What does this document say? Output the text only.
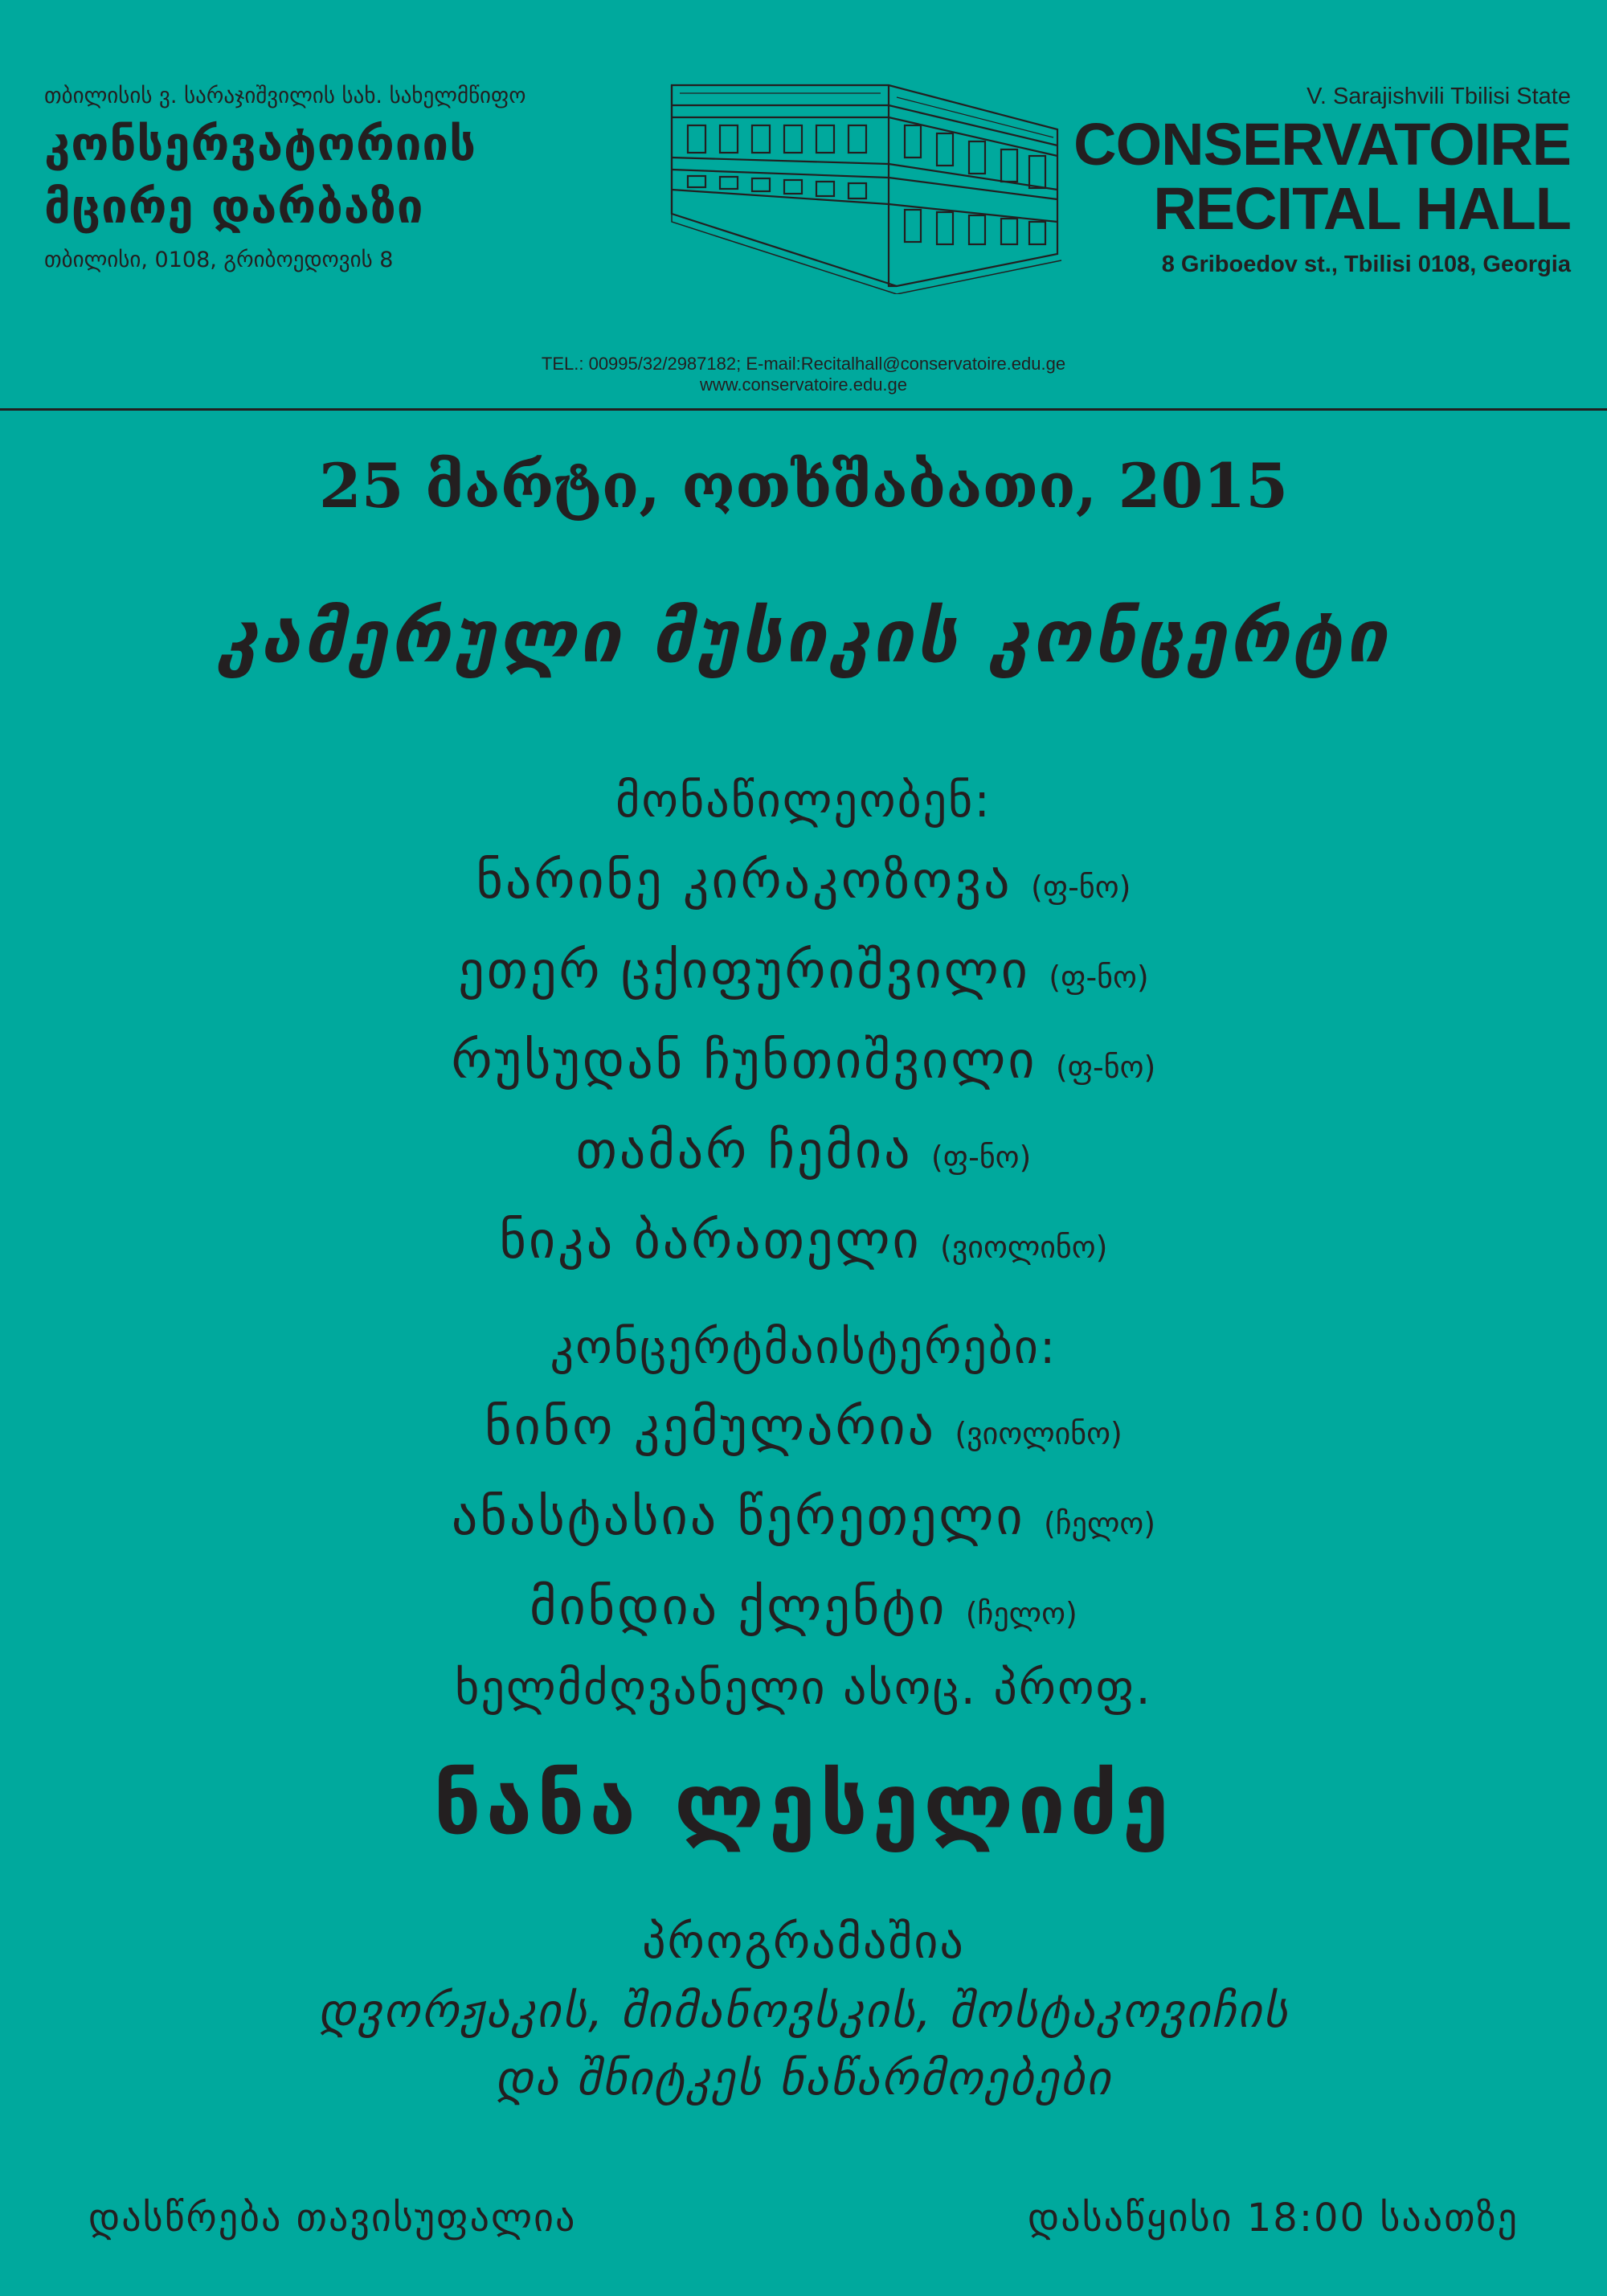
თბილისის ვ. სარაჯიშვილის სახ. სახელმწიფო
კონსერვატორიის
მცირე დარბაზი
თბილისი, 0108, გრიბოედოვის 8
V. Sarajishvili Tbilisi State
CONSERVATOIRE
RECITAL HALL
8 Griboedov st., Tbilisi 0108, Georgia
TEL.: 00995/32/2987182; E-mail:Recitalhall@conservatoire.edu.ge
www.conservatoire.edu.ge
25 მარტი, ოთხშაბათი, 2015
კამერული მუსიკის კონცერტი
მონაწილეობენ:
ნარინე კირაკოზოვა (ფ-ნო)
ეთერ ცქიფურიშვილი (ფ-ნო)
რუსუდან ჩუნთიშვილი (ფ-ნო)
თამარ ჩემია (ფ-ნო)
ნიკა ბარათელი (ვიოლინო)
კონცერტმაისტერები:
ნინო კემულარია (ვიოლინო)
ანასტასია წერეთელი (ჩელო)
მინდია ქლენტი (ჩელო)
ხელმძღვანელი ასოც. პროფ.
ნანა ლესელიძე
პროგრამაშია
დვორჟაკის, შიმანოვსკის, შოსტაკოვიჩის
და შნიტკეს ნაწარმოებები
დასწრება თავისუფალია	დასაწყისი 18:00 საათზე
